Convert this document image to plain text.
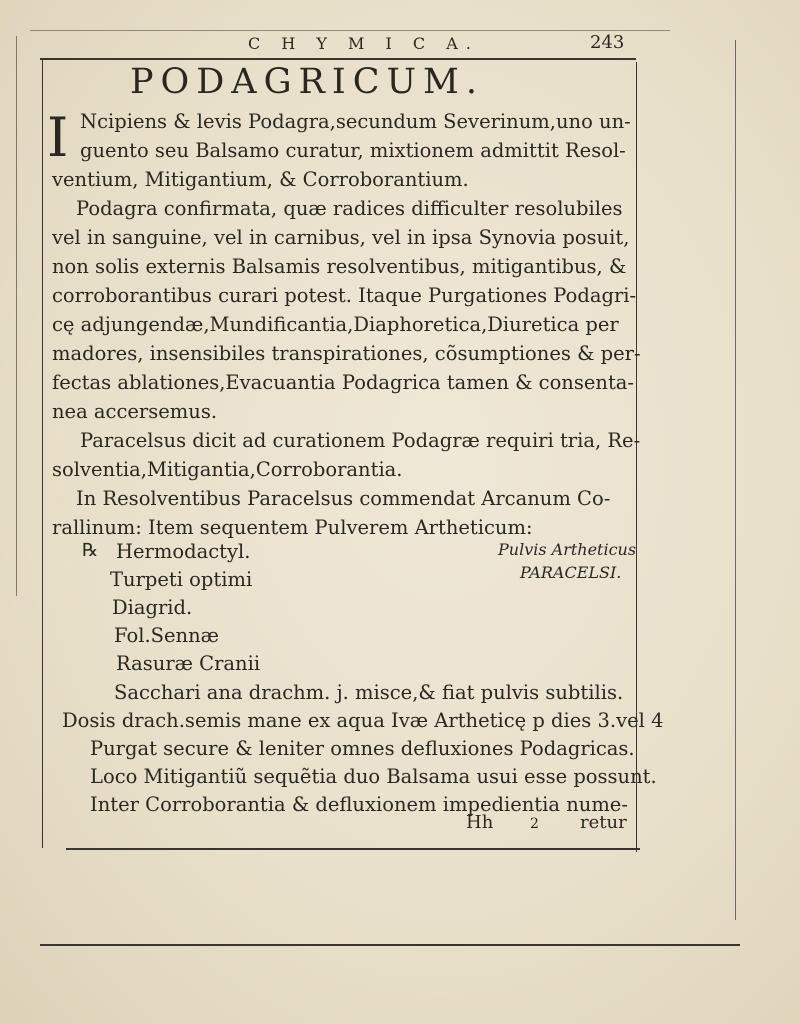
C H Y M I C A.	243
PODAGRICUM.
I Ncipiens & levis Podagra,secundum Severinum,uno un-
guento seu Balsamo curatur, mixtionem admittit Resol-
ventium, Mitigantium, & Corroborantium.
Podagra confirmata, quæ radices difficulter resolubiles
vel in sanguine, vel in carnibus, vel in ipsa Synovia posuit,
non solis externis Balsamis resolventibus, mitigantibus, &
corroborantibus curari potest. Itaque Purgationes Podagri-
cę adjungendæ,Mundificantia,Diaphoretica,Diuretica per
madores, insensibiles transpirationes, cõsumptiones & per-
fectas ablationes,Evacuantia Podagrica tamen & consenta-
nea accersemus.
Paracelsus dicit ad curationem Podagræ requiri tria, Re-
solventia,Mitigantia,Corroborantia.
In Resolventibus Paracelsus commendat Arcanum Co-
rallinum: Item sequentem Pulverem Artheticum:
℞ Hermodactyl.
Turpeti optimi
Diagrid.
Fol.Sennæ
Rasuræ Cranii
Pulvis Artheticus
PARACELSI.
Sacchari ana drachm. j. misce,& fiat pulvis subtilis.
Dosis drach.semis mane ex aqua Ivæ Artheticę p dies 3.vel 4
Purgat secure & leniter omnes defluxiones Podagricas.
Loco Mitigantiũ sequẽtia duo Balsama usui esse possunt.
Inter Corroborantia & defluxionem impedientia nume-
Hh	2 retur
